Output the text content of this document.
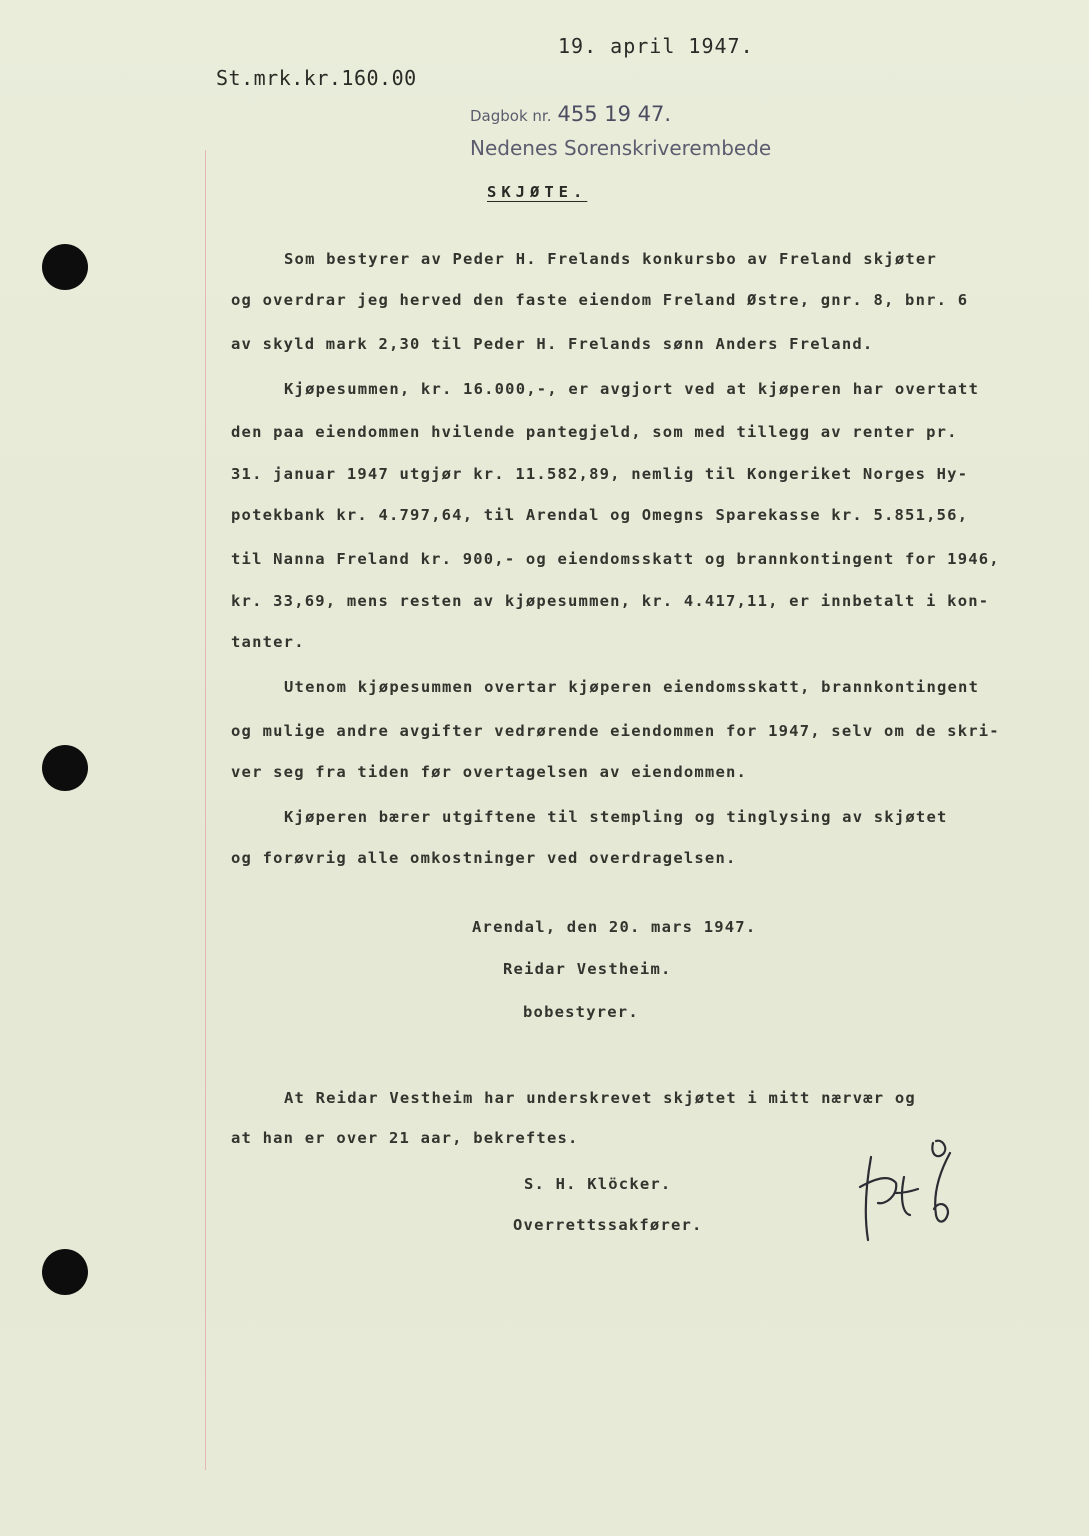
19. april 1947.
St.mrk.kr.160.00
Dagbok nr. 455 19 47.
Nedenes Sorenskriverembede
SKJØTE.
Som bestyrer av Peder H. Frelands konkursbo av Freland skjøter
og overdrar jeg herved den faste eiendom Freland Østre, gnr. 8, bnr. 6
av skyld mark 2,30 til Peder H. Frelands sønn Anders Freland.
Kjøpesummen, kr. 16.000,-, er avgjort ved at kjøperen har overtatt
den paa eiendommen hvilende pantegjeld, som med tillegg av renter pr.
31. januar 1947 utgjør kr. 11.582,89, nemlig til Kongeriket Norges Hy-
potekbank kr. 4.797,64, til Arendal og Omegns Sparekasse kr. 5.851,56,
til Nanna Freland kr. 900,- og eiendomsskatt og brannkontingent for 1946,
kr. 33,69, mens resten av kjøpesummen, kr. 4.417,11, er innbetalt i kon-
tanter.
Utenom kjøpesummen overtar kjøperen eiendomsskatt, brannkontingent
og mulige andre avgifter vedrørende eiendommen for 1947, selv om de skri-
ver seg fra tiden før overtagelsen av eiendommen.
Kjøperen bærer utgiftene til stempling og tinglysing av skjøtet
og forøvrig alle omkostninger ved overdragelsen.
Arendal, den 20. mars 1947.
Reidar Vestheim.
bobestyrer.
At Reidar Vestheim har underskrevet skjøtet i mitt nærvær og
at han er over 21 aar, bekreftes.
S. H. Klöcker.
Overrettssakfører.
